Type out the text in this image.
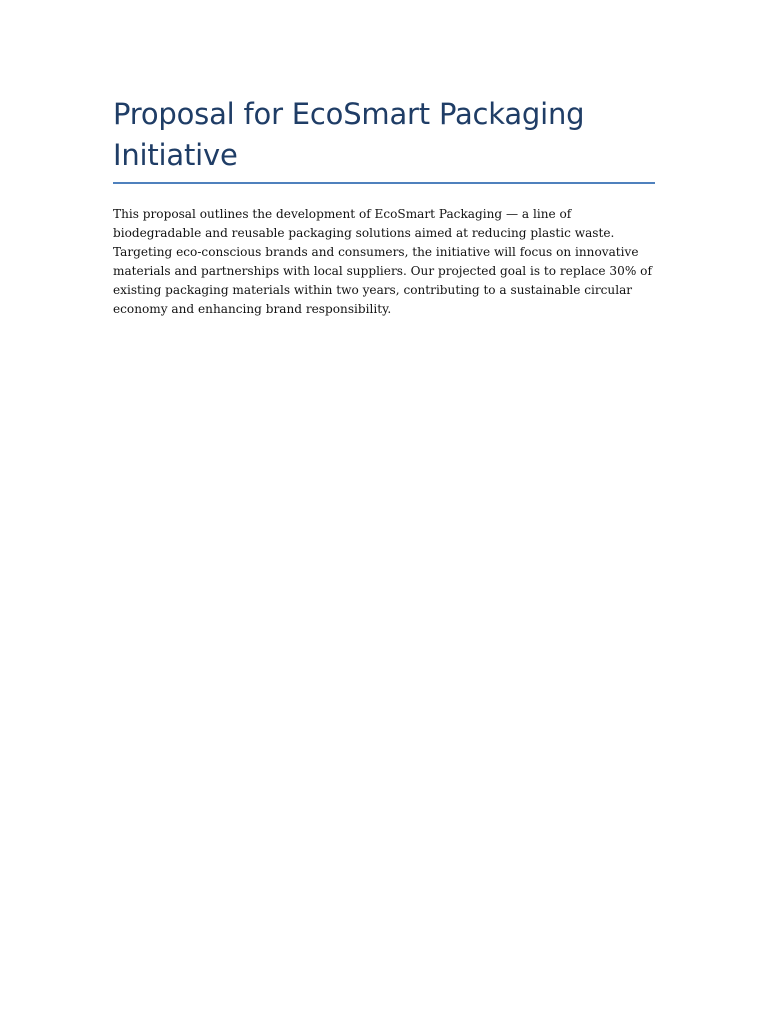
Proposal for EcoSmart Packaging Initiative

This proposal outlines the development of EcoSmart Packaging — a line of biodegradable and reusable packaging solutions aimed at reducing plastic waste. Targeting eco-conscious brands and consumers, the initiative will focus on innovative materials and partnerships with local suppliers. Our projected goal is to replace 30% of existing packaging materials within two years, contributing to a sustainable circular economy and enhancing brand responsibility.
